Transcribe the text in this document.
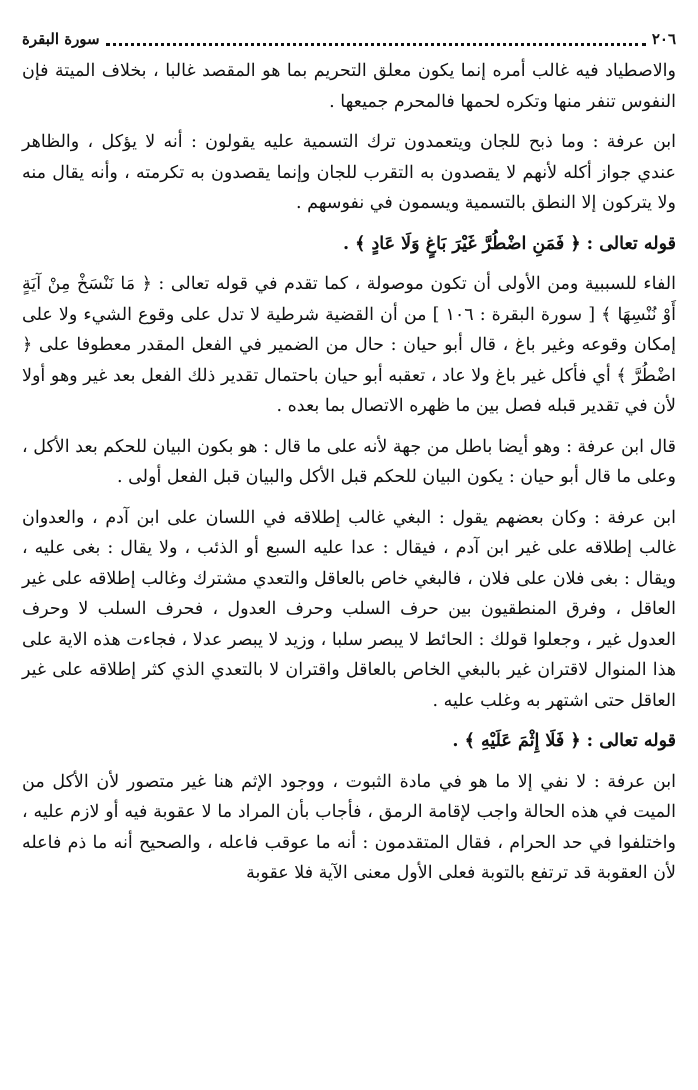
٢٠٦
سورة البقرة

والاصطياد فيه غالب أمره إنما يكون معلق التحريم بما هو المقصد غالبا ، بخلاف الميتة فإن النفوس تنفر منها وتكره لحمها فالمحرم جميعها .

ابن عرفة : وما ذبح للجان ويتعمدون ترك التسمية عليه يقولون : أنه لا يؤكل ، والظاهر عندي جواز أكله لأنهم لا يقصدون به التقرب للجان وإنما يقصدون به تكرمته ، وأنه يقال منه ولا يتركون إلا النطق بالتسمية ويسمون في نفوسهم .

قوله تعالى : ﴿ فَمَنِ اضْطُرَّ غَيْرَ بَاغٍ وَلَا عَادٍ ﴾ .

الفاء للسببية ومن الأولى أن تكون موصولة ، كما تقدم في قوله تعالى : ﴿ مَا نَنْسَخْ مِنْ آيَةٍ أَوْ نُنْسِهَا ﴾ [ سورة البقرة : ١٠٦ ] من أن القضية شرطية لا تدل على وقوع الشيء ولا على إمكان وقوعه وغير باغ ، قال أبو حيان : حال من الضمير في الفعل المقدر معطوفا على ﴿ اضْطُرَّ ﴾ أي فأكل غير باغ ولا عاد ، تعقبه أبو حيان باحتمال تقدير ذلك الفعل بعد غير وهو أولا لأن في تقدير قبله فصل بين ما ظهره الاتصال بما بعده .

قال ابن عرفة : وهو أيضا باطل من جهة لأنه على ما قال : هو بكون البيان للحكم بعد الأكل ، وعلى ما قال أبو حيان : يكون البيان للحكم قبل الأكل والبيان قبل الفعل أولى .

ابن عرفة : وكان بعضهم يقول : البغي غالب إطلاقه في اللسان على ابن آدم ، والعدوان غالب إطلاقه على غير ابن آدم ، فيقال : عدا عليه السبع أو الذئب ، ولا يقال : بغى عليه ، ويقال : بغى فلان على فلان ، فالبغي خاص بالعاقل والتعدي مشترك وغالب إطلاقه على غير العاقل ، وفرق المنطقيون بين حرف السلب وحرف العدول ، فحرف السلب لا وحرف العدول غير ، وجعلوا قولك : الحائط لا يبصر سلبا ، وزيد لا يبصر عدلا ، فجاءت هذه الاية على هذا المنوال لاقتران غير بالبغي الخاص بالعاقل واقتران لا بالتعدي الذي كثر إطلاقه على غير العاقل حتى اشتهر به وغلب عليه .

قوله تعالى : ﴿ فَلَا إِثْمَ عَلَيْهِ ﴾ .

ابن عرفة : لا نفي إلا ما هو في مادة الثبوت ، ووجود الإثم هنا غير متصور لأن الأكل من الميت في هذه الحالة واجب لإقامة الرمق ، فأجاب بأن المراد ما لا عقوبة فيه أو لازم عليه ، واختلفوا في حد الحرام ، فقال المتقدمون : أنه ما عوقب فاعله ، والصحيح أنه ما ذم فاعله لأن العقوبة قد ترتفع بالتوبة فعلى الأول معنى الآية فلا عقوبة
